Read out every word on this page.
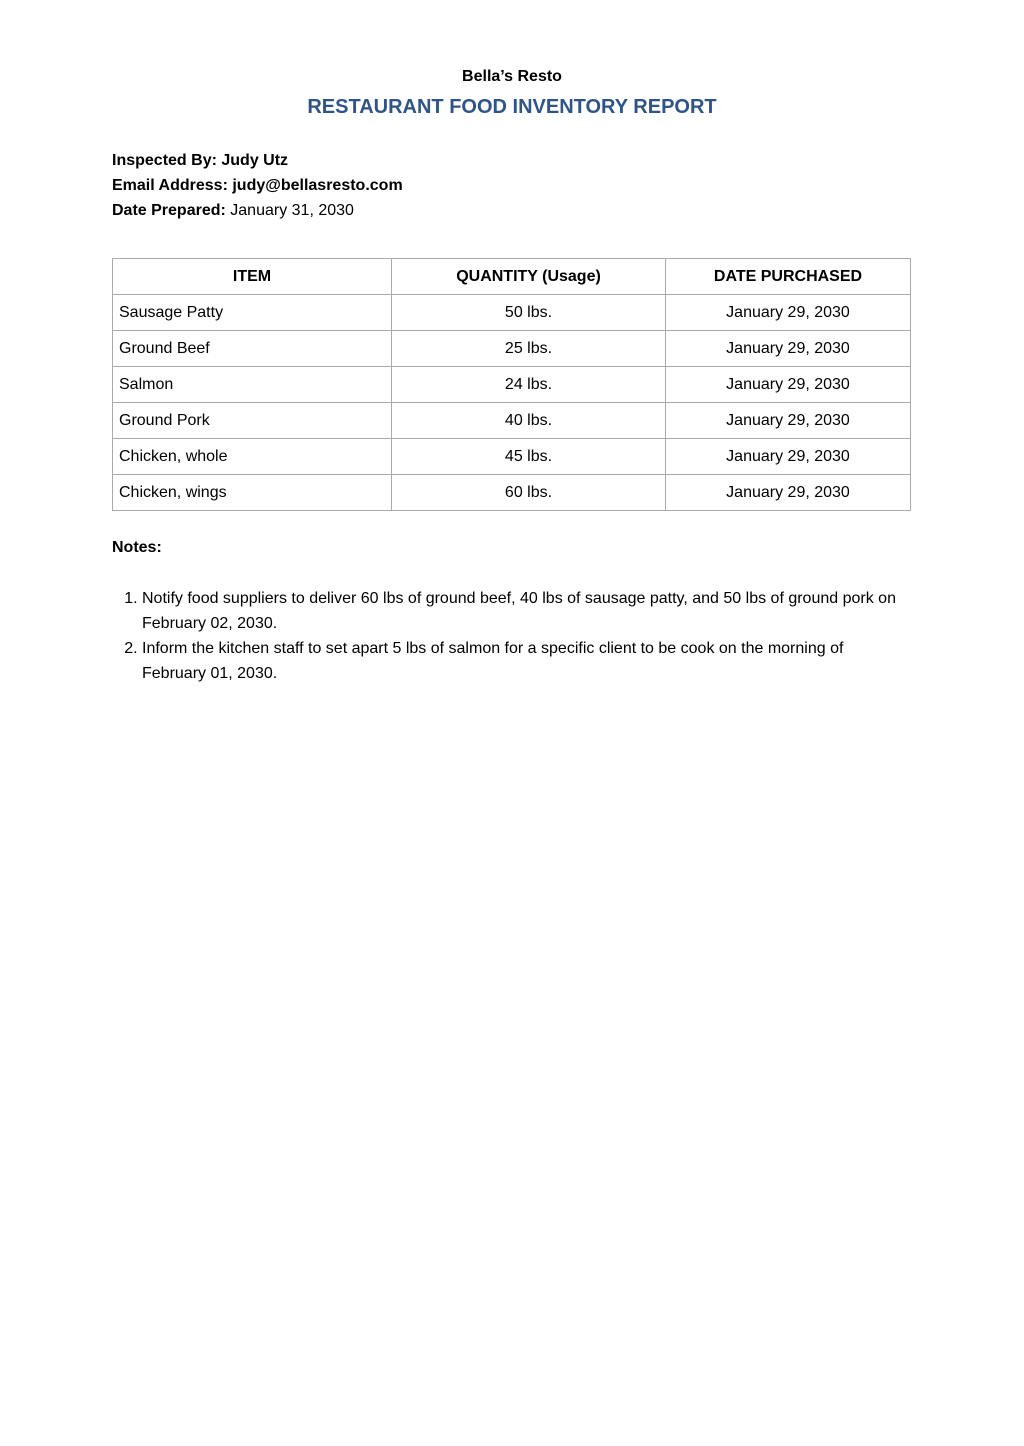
Bella’s Resto
RESTAURANT FOOD INVENTORY REPORT
Inspected By: Judy Utz
Email Address: judy@bellasresto.com
Date Prepared: January 31, 2030
ITEM	QUANTITY (Usage)	DATE PURCHASED
Sausage Patty	50 lbs.	January 29, 2030
Ground Beef	25 lbs.	January 29, 2030
Salmon	24 lbs.	January 29, 2030
Ground Pork	40 lbs.	January 29, 2030
Chicken, whole	45 lbs.	January 29, 2030
Chicken, wings	60 lbs.	January 29, 2030
Notes:
1. Notify food suppliers to deliver 60 lbs of ground beef, 40 lbs of sausage patty, and 50 lbs of ground pork on February 02, 2030.
2. Inform the kitchen staff to set apart 5 lbs of salmon for a specific client to be cook on the morning of February 01, 2030.
